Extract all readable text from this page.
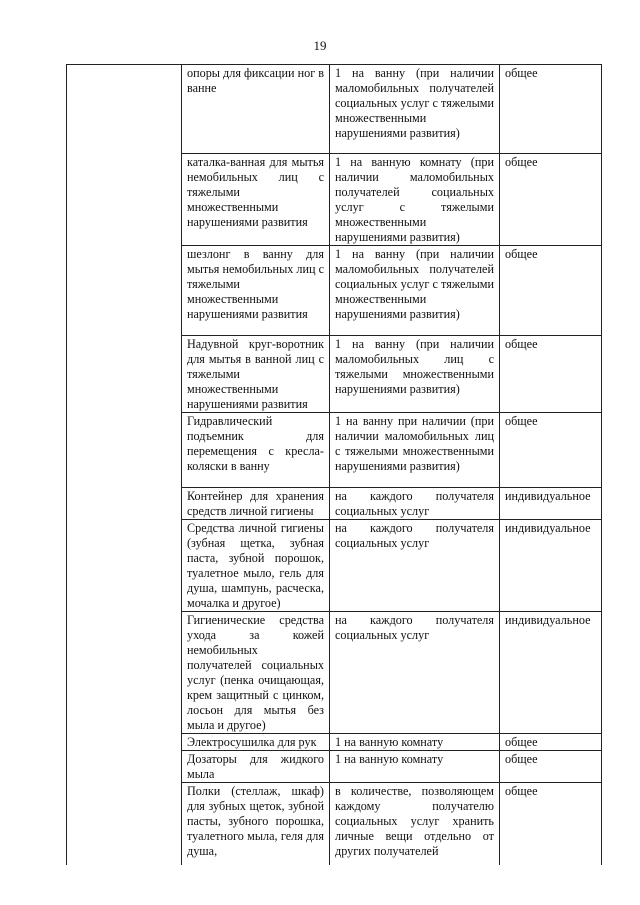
19
	опоры для фиксации ног в ванне	1 на ванну (при наличии маломобильных получателей социальных услуг с тяжелыми множественными нарушениями развития)	общее
	каталка-ванная для мытья немобильных лиц с тяжелыми множественными нарушениями развития	1 на ванную комнату (при наличии маломобильных получателей социальных услуг с тяжелыми множественными нарушениями развития)	общее
	шезлонг в ванну для мытья немобильных лиц с тяжелыми множественными нарушениями развития	1 на ванну (при наличии маломобильных получателей социальных услуг с тяжелыми множественными нарушениями развития)	общее
	Надувной круг-воротник для мытья в ванной лиц с тяжелыми множественными нарушениями развития	1 на ванну (при наличии маломобильных лиц с тяжелыми множественными нарушениями развития)	общее
	Гидравлический подъемник для перемещения с кресла-коляски в ванну	1 на ванну при наличии (при наличии маломобильных лиц с тяжелыми множественными нарушениями развития)	общее
	Контейнер для хранения средств личной гигиены	на каждого получателя социальных услуг	индивидуальное
	Средства личной гигиены (зубная щетка, зубная паста, зубной порошок, туалетное мыло, гель для душа, шампунь, расческа, мочалка и другое)	на каждого получателя социальных услуг	индивидуальное
	Гигиенические средства ухода за кожей немобильных получателей социальных услуг (пенка очищающая, крем защитный с цинком, лосьон для мытья без мыла и другое)	на каждого получателя социальных услуг	индивидуальное
	Электросушилка для рук	1 на ванную комнату	общее
	Дозаторы для жидкого мыла	1 на ванную комнату	общее
	Полки (стеллаж, шкаф) для зубных щеток, зубной пасты, зубного порошка, туалетного мыла, геля для душа,	в количестве, позволяющем каждому получателю социальных услуг хранить личные вещи отдельно от других получателей	общее
